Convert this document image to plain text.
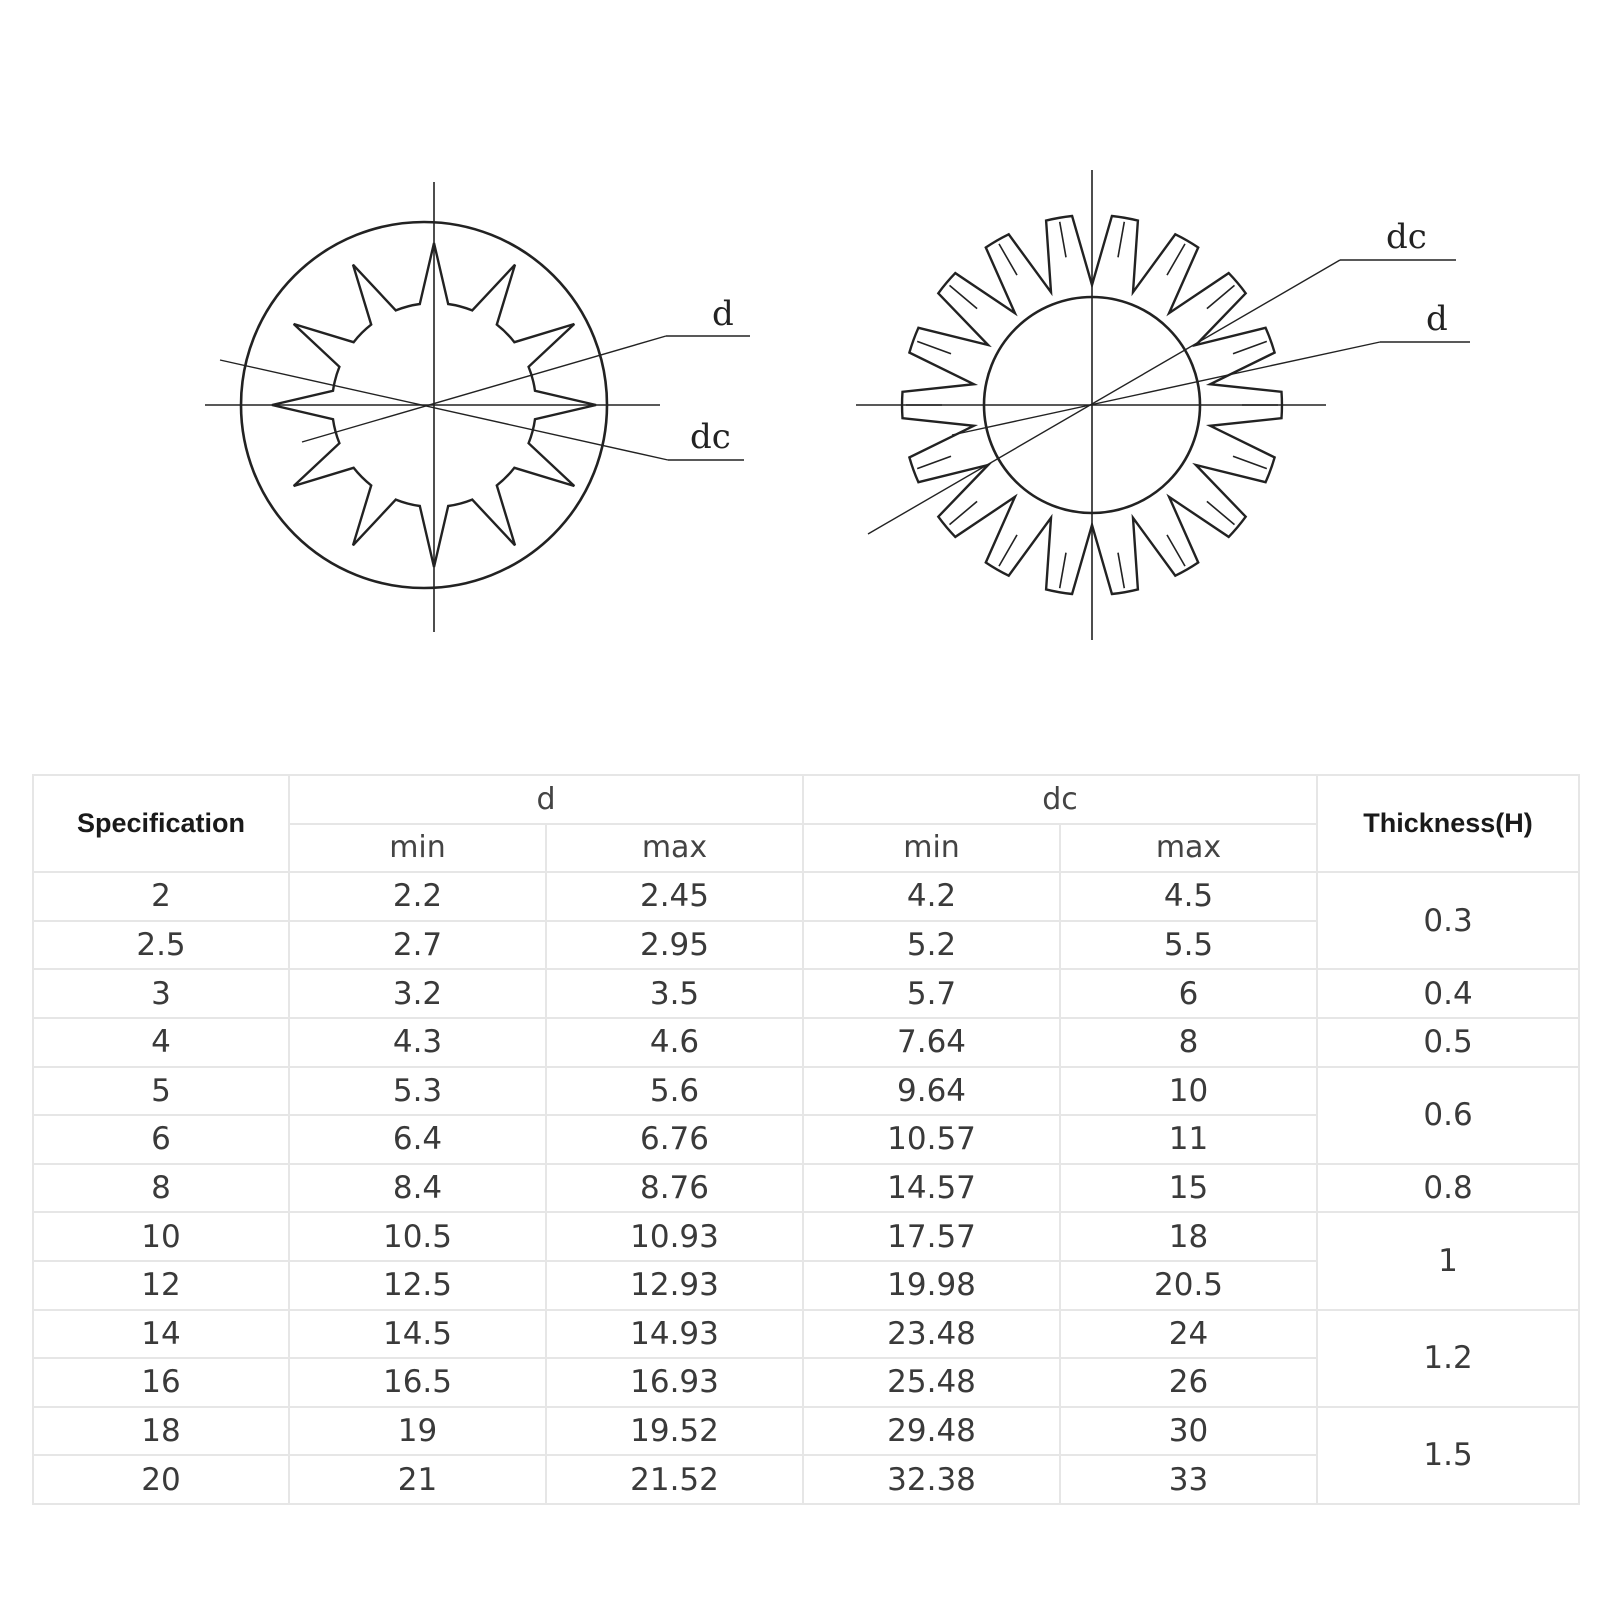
d
dc
dc
d
Specification	d		dc		Thickness(H)
	min	max	min	max	
2	2.2	2.45	4.2	4.5	0.3
2.5	2.7	2.95	5.2	5.5	
3	3.2	3.5	5.7	6	0.4
4	4.3	4.6	7.64	8	0.5
5	5.3	5.6	9.64	10	0.6
6	6.4	6.76	10.57	11	
8	8.4	8.76	14.57	15	0.8
10	10.5	10.93	17.57	18	1
12	12.5	12.93	19.98	20.5	
14	14.5	14.93	23.48	24	1.2
16	16.5	16.93	25.48	26	
18	19	19.52	29.48	30	1.5
20	21	21.52	32.38	33	
